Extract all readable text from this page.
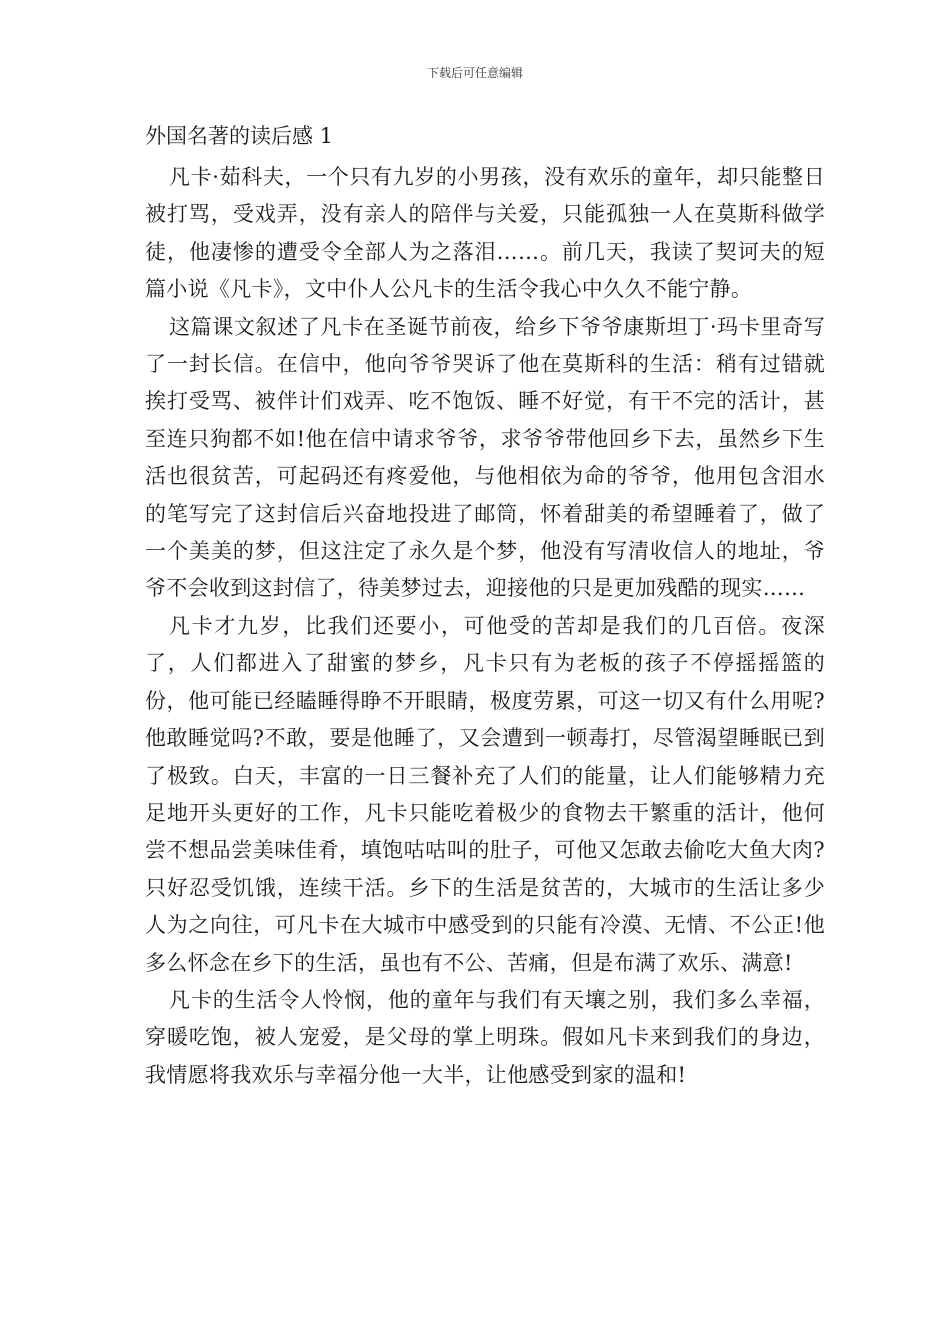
下载后可任意编辑
外国名著的读后感 1

凡卡·茹科夫，一个只有九岁的小男孩，没有欢乐的童年，却只能整日被打骂，受戏弄，没有亲人的陪伴与关爱，只能孤独一人在莫斯科做学徒，他凄惨的遭受令全部人为之落泪……。前几天，我读了契诃夫的短篇小说《凡卡》，文中仆人公凡卡的生活令我心中久久不能宁静。

这篇课文叙述了凡卡在圣诞节前夜，给乡下爷爷康斯坦丁·玛卡里奇写了一封长信。在信中，他向爷爷哭诉了他在莫斯科的生活：稍有过错就挨打受骂、被伴计们戏弄、吃不饱饭、睡不好觉，有干不完的活计，甚至连只狗都不如!他在信中请求爷爷，求爷爷带他回乡下去，虽然乡下生活也很贫苦，可起码还有疼爱他，与他相依为命的爷爷，他用包含泪水的笔写完了这封信后兴奋地投进了邮筒，怀着甜美的希望睡着了，做了一个美美的梦，但这注定了永久是个梦，他没有写清收信人的地址，爷爷不会收到这封信了，待美梦过去，迎接他的只是更加残酷的现实……

凡卡才九岁，比我们还要小，可他受的苦却是我们的几百倍。夜深了，人们都进入了甜蜜的梦乡，凡卡只有为老板的孩子不停摇摇篮的份，他可能已经瞌睡得睁不开眼睛，极度劳累，可这一切又有什么用呢?他敢睡觉吗?不敢，要是他睡了，又会遭到一顿毒打，尽管渴望睡眠已到了极致。白天，丰富的一日三餐补充了人们的能量，让人们能够精力充足地开头更好的工作，凡卡只能吃着极少的食物去干繁重的活计，他何尝不想品尝美味佳肴，填饱咕咕叫的肚子，可他又怎敢去偷吃大鱼大肉?只好忍受饥饿，连续干活。乡下的生活是贫苦的，大城市的生活让多少人为之向往，可凡卡在大城市中感受到的只能有冷漠、无情、不公正!他多么怀念在乡下的生活，虽也有不公、苦痛，但是布满了欢乐、满意!

凡卡的生活令人怜悯，他的童年与我们有天壤之别，我们多么幸福，穿暖吃饱，被人宠爱，是父母的掌上明珠。假如凡卡来到我们的身边，我情愿将我欢乐与幸福分他一大半，让他感受到家的温和!
